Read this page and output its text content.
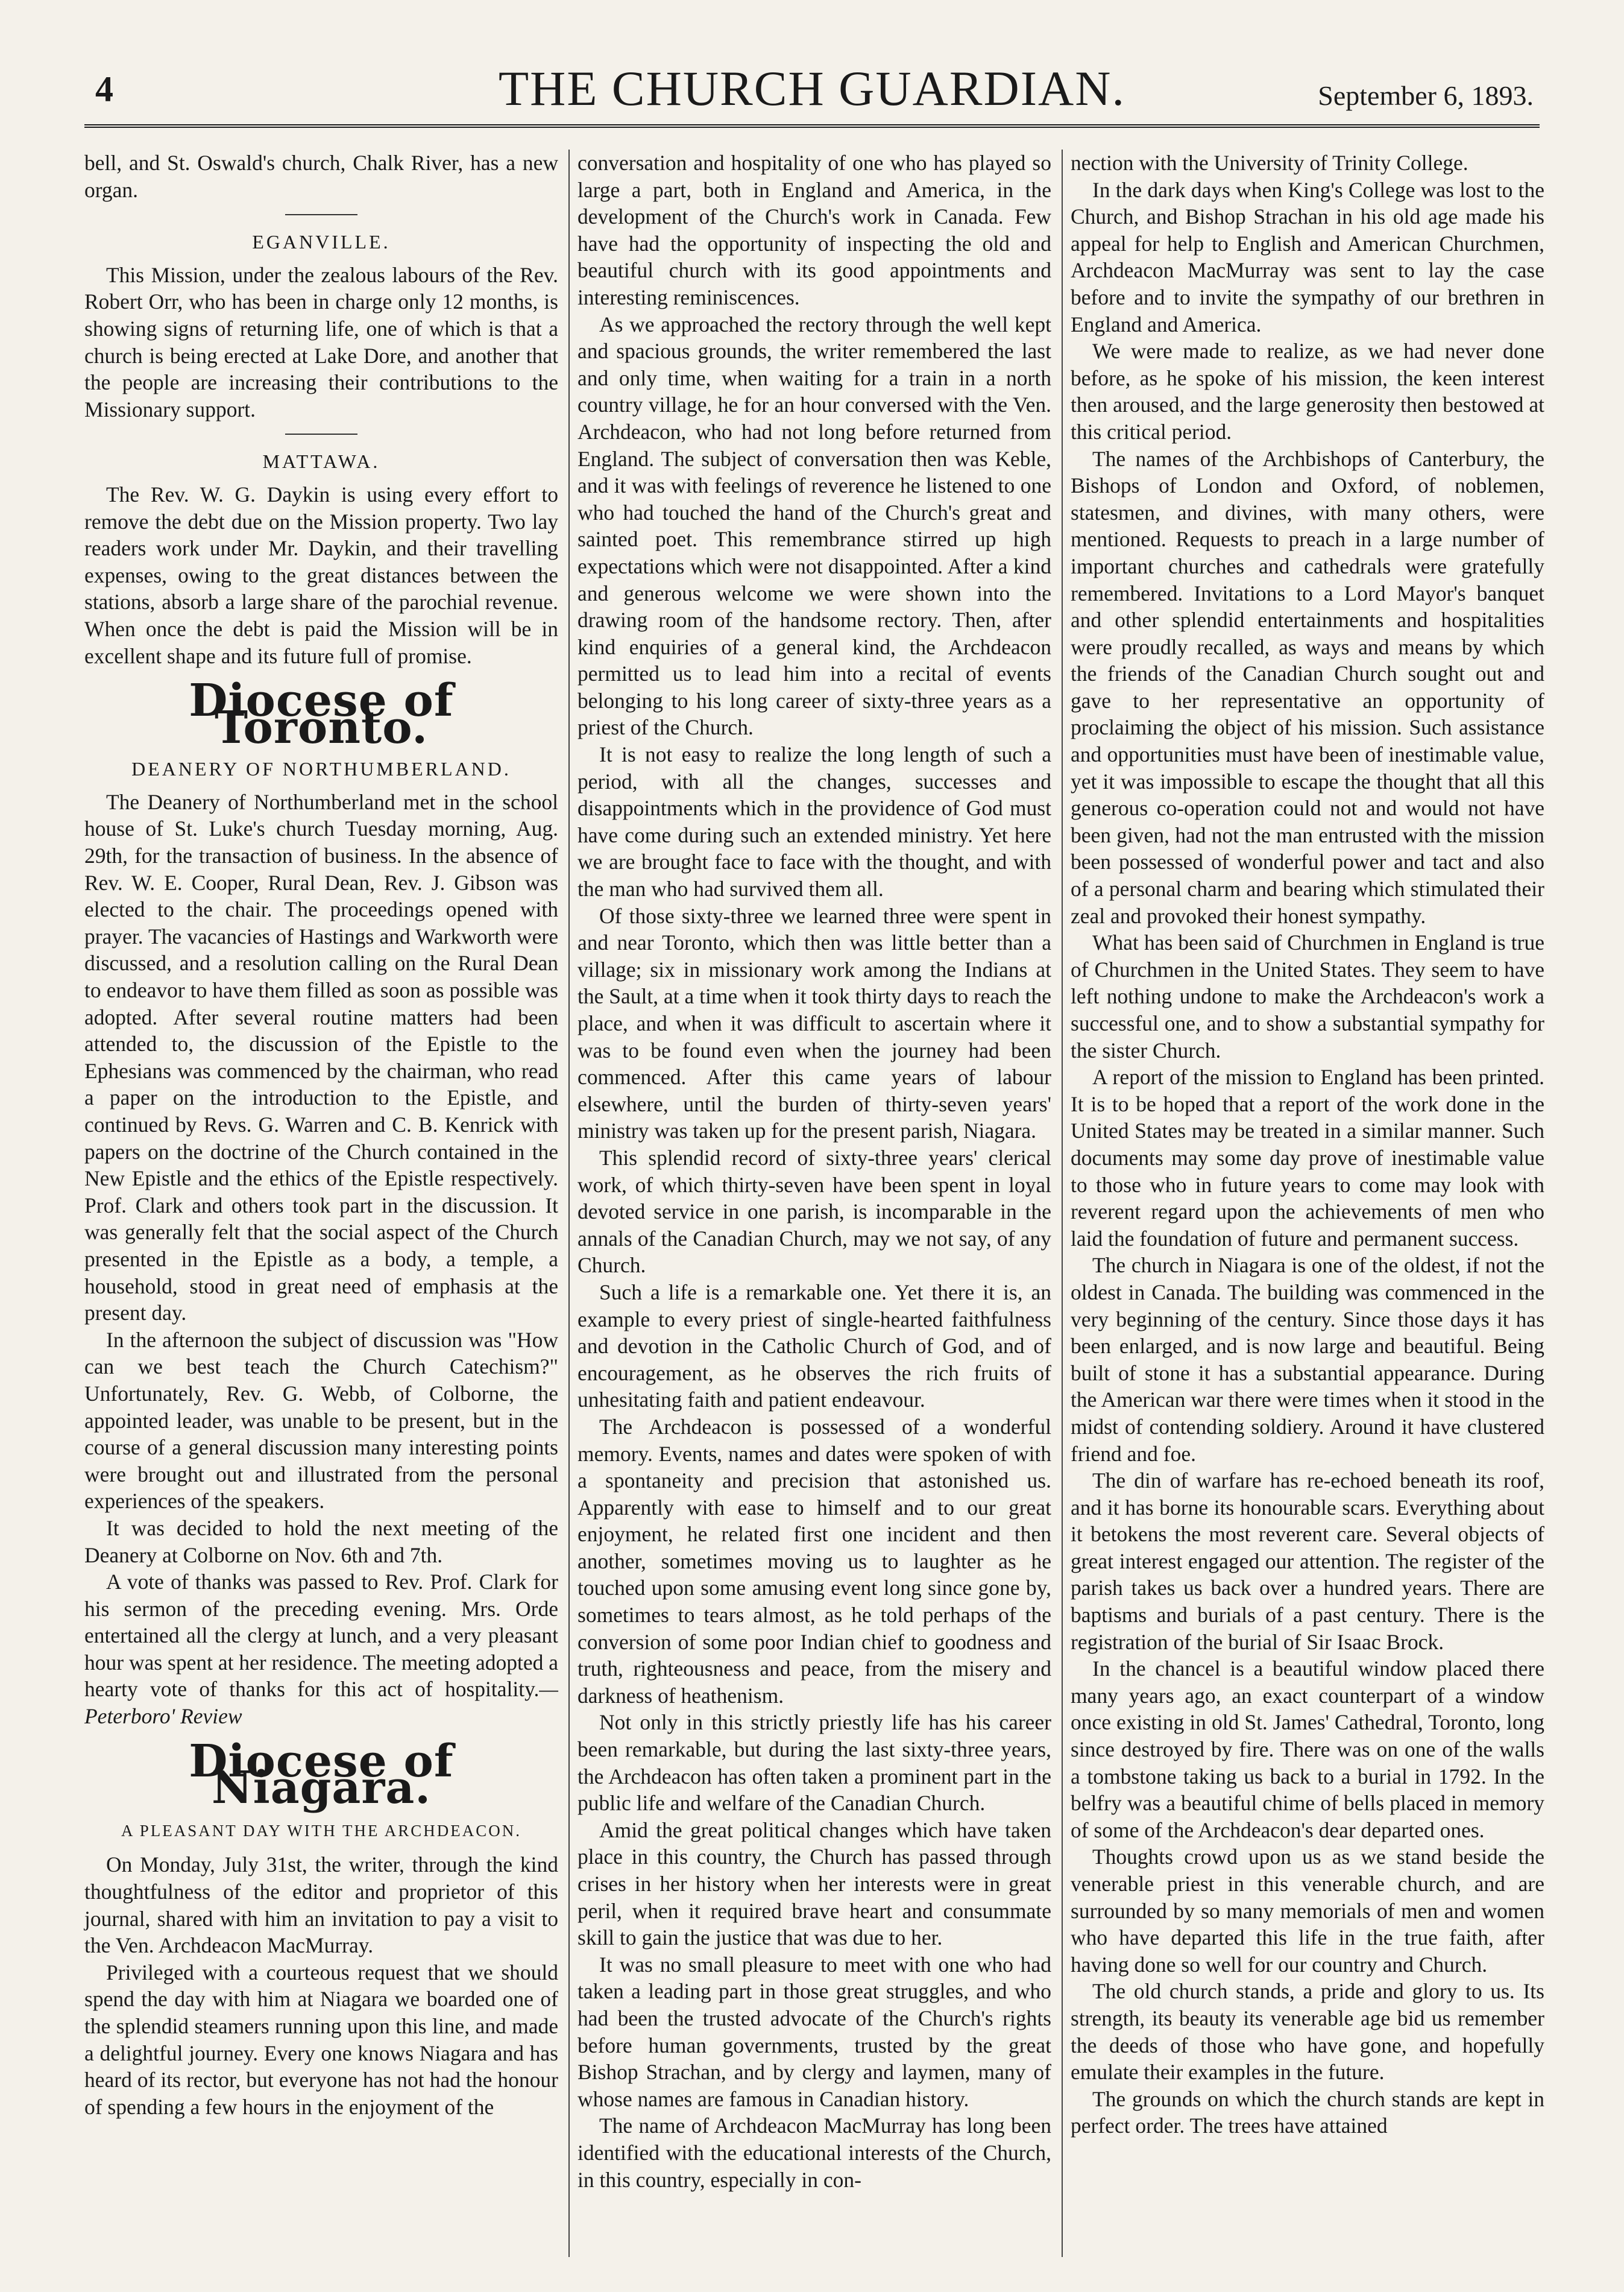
4	THE CHURCH GUARDIAN.	September 6, 1893.

bell, and St. Oswald's church, Chalk River, has a new organ.

EGANVILLE.

This Mission, under the zealous labours of the Rev. Robert Orr, who has been in charge only 12 months, is showing signs of returning life, one of which is that a church is being erected at Lake Dore, and another that the people are increasing their contributions to the Missionary support.

MATTAWA.

The Rev. W. G. Daykin is using every effort to remove the debt due on the Mission property. Two lay readers work under Mr. Daykin, and their travelling expenses, owing to the great distances between the stations, absorb a large share of the parochial revenue. When once the debt is paid the Mission will be in excellent shape and its future full of promise.

Diocese of Toronto.
DEANERY OF NORTHUMBERLAND.

The Deanery of Northumberland met in the school house of St. Luke's church Tuesday morning, Aug. 29th, for the transaction of business. In the absence of Rev. W. E. Cooper, Rural Dean, Rev. J. Gibson was elected to the chair. The proceedings opened with prayer. The vacancies of Hastings and Warkworth were discussed, and a resolution calling on the Rural Dean to endeavor to have them filled as soon as possible was adopted. After several routine matters had been attended to, the discussion of the Epistle to the Ephesians was commenced by the chairman, who read a paper on the introduction to the Epistle, and continued by Revs. G. Warren and C. B. Kenrick with papers on the doctrine of the Church contained in the New Epistle and the ethics of the Epistle respectively. Prof. Clark and others took part in the discussion. It was generally felt that the social aspect of the Church presented in the Epistle as a body, a temple, a household, stood in great need of emphasis at the present day.

In the afternoon the subject of discussion was "How can we best teach the Church Catechism?" Unfortunately, Rev. G. Webb, of Colborne, the appointed leader, was unable to be present, but in the course of a general discussion many interesting points were brought out and illustrated from the personal experiences of the speakers.

It was decided to hold the next meeting of the Deanery at Colborne on Nov. 6th and 7th.

A vote of thanks was passed to Rev. Prof. Clark for his sermon of the preceding evening. Mrs. Orde entertained all the clergy at lunch, and a very pleasant hour was spent at her residence. The meeting adopted a hearty vote of thanks for this act of hospitality.—Peterboro' Review

Diocese of Niagara.
A PLEASANT DAY WITH THE ARCHDEACON.

On Monday, July 31st, the writer, through the kind thoughtfulness of the editor and proprietor of this journal, shared with him an invitation to pay a visit to the Ven. Archdeacon MacMurray.

Privileged with a courteous request that we should spend the day with him at Niagara we boarded one of the splendid steamers running upon this line, and made a delightful journey. Every one knows Niagara and has heard of its rector, but everyone has not had the honour of spending a few hours in the enjoyment of the

conversation and hospitality of one who has played so large a part, both in England and America, in the development of the Church's work in Canada. Few have had the opportunity of inspecting the old and beautiful church with its good appointments and interesting reminiscences.

As we approached the rectory through the well kept and spacious grounds, the writer remembered the last and only time, when waiting for a train in a north country village, he for an hour conversed with the Ven. Archdeacon, who had not long before returned from England. The subject of conversation then was Keble, and it was with feelings of reverence he listened to one who had touched the hand of the Church's great and sainted poet. This remembrance stirred up high expectations which were not disappointed. After a kind and generous welcome we were shown into the drawing room of the handsome rectory. Then, after kind enquiries of a general kind, the Archdeacon permitted us to lead him into a recital of events belonging to his long career of sixty-three years as a priest of the Church.

It is not easy to realize the long length of such a period, with all the changes, successes and disappointments which in the providence of God must have come during such an extended ministry. Yet here we are brought face to face with the thought, and with the man who had survived them all.

Of those sixty-three we learned three were spent in and near Toronto, which then was little better than a village; six in missionary work among the Indians at the Sault, at a time when it took thirty days to reach the place, and when it was difficult to ascertain where it was to be found even when the journey had been commenced. After this came years of labour elsewhere, until the burden of thirty-seven years' ministry was taken up for the present parish, Niagara.

This splendid record of sixty-three years' clerical work, of which thirty-seven have been spent in loyal devoted service in one parish, is incomparable in the annals of the Canadian Church, may we not say, of any Church.

Such a life is a remarkable one. Yet there it is, an example to every priest of single-hearted faithfulness and devotion in the Catholic Church of God, and of encouragement, as he observes the rich fruits of unhesitating faith and patient endeavour.

The Archdeacon is possessed of a wonderful memory. Events, names and dates were spoken of with a spontaneity and precision that astonished us. Apparently with ease to himself and to our great enjoyment, he related first one incident and then another, sometimes moving us to laughter as he touched upon some amusing event long since gone by, sometimes to tears almost, as he told perhaps of the conversion of some poor Indian chief to goodness and truth, righteousness and peace, from the misery and darkness of heathenism.

Not only in this strictly priestly life has his career been remarkable, but during the last sixty-three years, the Archdeacon has often taken a prominent part in the public life and welfare of the Canadian Church.

Amid the great political changes which have taken place in this country, the Church has passed through crises in her history when her interests were in great peril, when it required brave heart and consummate skill to gain the justice that was due to her.

It was no small pleasure to meet with one who had taken a leading part in those great struggles, and who had been the trusted advocate of the Church's rights before human governments, trusted by the great Bishop Strachan, and by clergy and laymen, many of whose names are famous in Canadian history.

The name of Archdeacon MacMurray has long been identified with the educational interests of the Church, in this country, especially in con-

nection with the University of Trinity College.

In the dark days when King's College was lost to the Church, and Bishop Strachan in his old age made his appeal for help to English and American Churchmen, Archdeacon MacMurray was sent to lay the case before and to invite the sympathy of our brethren in England and America.

We were made to realize, as we had never done before, as he spoke of his mission, the keen interest then aroused, and the large generosity then bestowed at this critical period.

The names of the Archbishops of Canterbury, the Bishops of London and Oxford, of noblemen, statesmen, and divines, with many others, were mentioned. Requests to preach in a large number of important churches and cathedrals were gratefully remembered. Invitations to a Lord Mayor's banquet and other splendid entertainments and hospitalities were proudly recalled, as ways and means by which the friends of the Canadian Church sought out and gave to her representative an opportunity of proclaiming the object of his mission. Such assistance and opportunities must have been of inestimable value, yet it was impossible to escape the thought that all this generous co-operation could not and would not have been given, had not the man entrusted with the mission been possessed of wonderful power and tact and also of a personal charm and bearing which stimulated their zeal and provoked their honest sympathy.

What has been said of Churchmen in England is true of Churchmen in the United States. They seem to have left nothing undone to make the Archdeacon's work a successful one, and to show a substantial sympathy for the sister Church.

A report of the mission to England has been printed. It is to be hoped that a report of the work done in the United States may be treated in a similar manner. Such documents may some day prove of inestimable value to those who in future years to come may look with reverent regard upon the achievements of men who laid the foundation of future and permanent success.

The church in Niagara is one of the oldest, if not the oldest in Canada. The building was commenced in the very beginning of the century. Since those days it has been enlarged, and is now large and beautiful. Being built of stone it has a substantial appearance. During the American war there were times when it stood in the midst of contending soldiery. Around it have clustered friend and foe.

The din of warfare has re-echoed beneath its roof, and it has borne its honourable scars. Everything about it betokens the most reverent care. Several objects of great interest engaged our attention. The register of the parish takes us back over a hundred years. There are baptisms and burials of a past century. There is the registration of the burial of Sir Isaac Brock.

In the chancel is a beautiful window placed there many years ago, an exact counterpart of a window once existing in old St. James' Cathedral, Toronto, long since destroyed by fire. There was on one of the walls a tombstone taking us back to a burial in 1792. In the belfry was a beautiful chime of bells placed in memory of some of the Archdeacon's dear departed ones.

Thoughts crowd upon us as we stand beside the venerable priest in this venerable church, and are surrounded by so many memorials of men and women who have departed this life in the true faith, after having done so well for our country and Church.

The old church stands, a pride and glory to us. Its strength, its beauty its venerable age bid us remember the deeds of those who have gone, and hopefully emulate their examples in the future.

The grounds on which the church stands are kept in perfect order. The trees have attained
